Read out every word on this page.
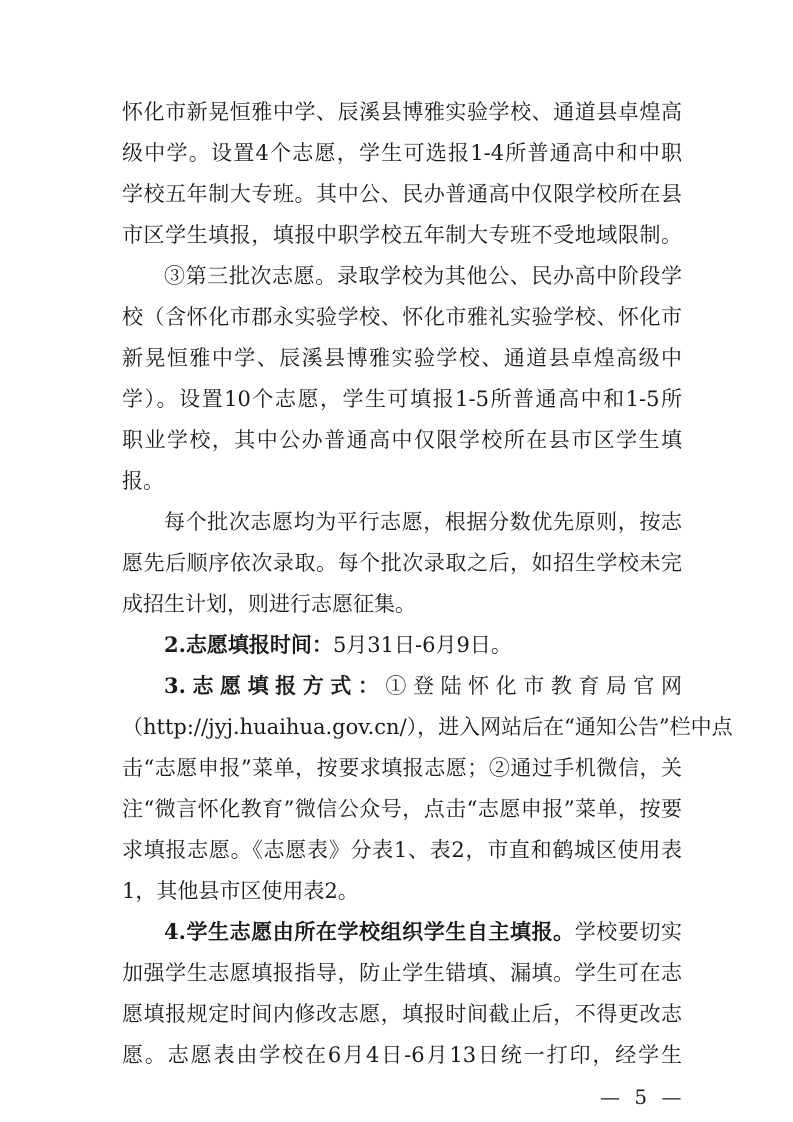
怀化市新晃恒雅中学、辰溪县博雅实验学校、通道县卓煌高
级中学。设置4个志愿，学生可选报1-4所普通高中和中职
学校五年制大专班。其中公、民办普通高中仅限学校所在县
市区学生填报，填报中职学校五年制大专班不受地域限制。
③第三批次志愿。录取学校为其他公、民办高中阶段学
校（含怀化市郡永实验学校、怀化市雅礼实验学校、怀化市
新晃恒雅中学、辰溪县博雅实验学校、通道县卓煌高级中
学）。设置10个志愿，学生可填报1-5所普通高中和1-5所
职业学校，其中公办普通高中仅限学校所在县市区学生填
报。
每个批次志愿均为平行志愿，根据分数优先原则，按志
愿先后顺序依次录取。每个批次录取之后，如招生学校未完
成招生计划，则进行志愿征集。
2.志愿填报时间：5月31日-6月9日。
3.志愿填报方式：①登陆怀化市教育局官网
（http://jyj.huaihua.gov.cn/），进入网站后在“通知公告”栏中点
击“志愿申报”菜单，按要求填报志愿；②通过手机微信，关
注“微言怀化教育”微信公众号，点击“志愿申报”菜单，按要
求填报志愿。《志愿表》分表1、表2，市直和鹤城区使用表
1，其他县市区使用表2。
4.学生志愿由所在学校组织学生自主填报。学校要切实
加强学生志愿填报指导，防止学生错填、漏填。学生可在志
愿填报规定时间内修改志愿，填报时间截止后，不得更改志
愿。志愿表由学校在6月4日-6月13日统一打印，经学生
— 5 —
